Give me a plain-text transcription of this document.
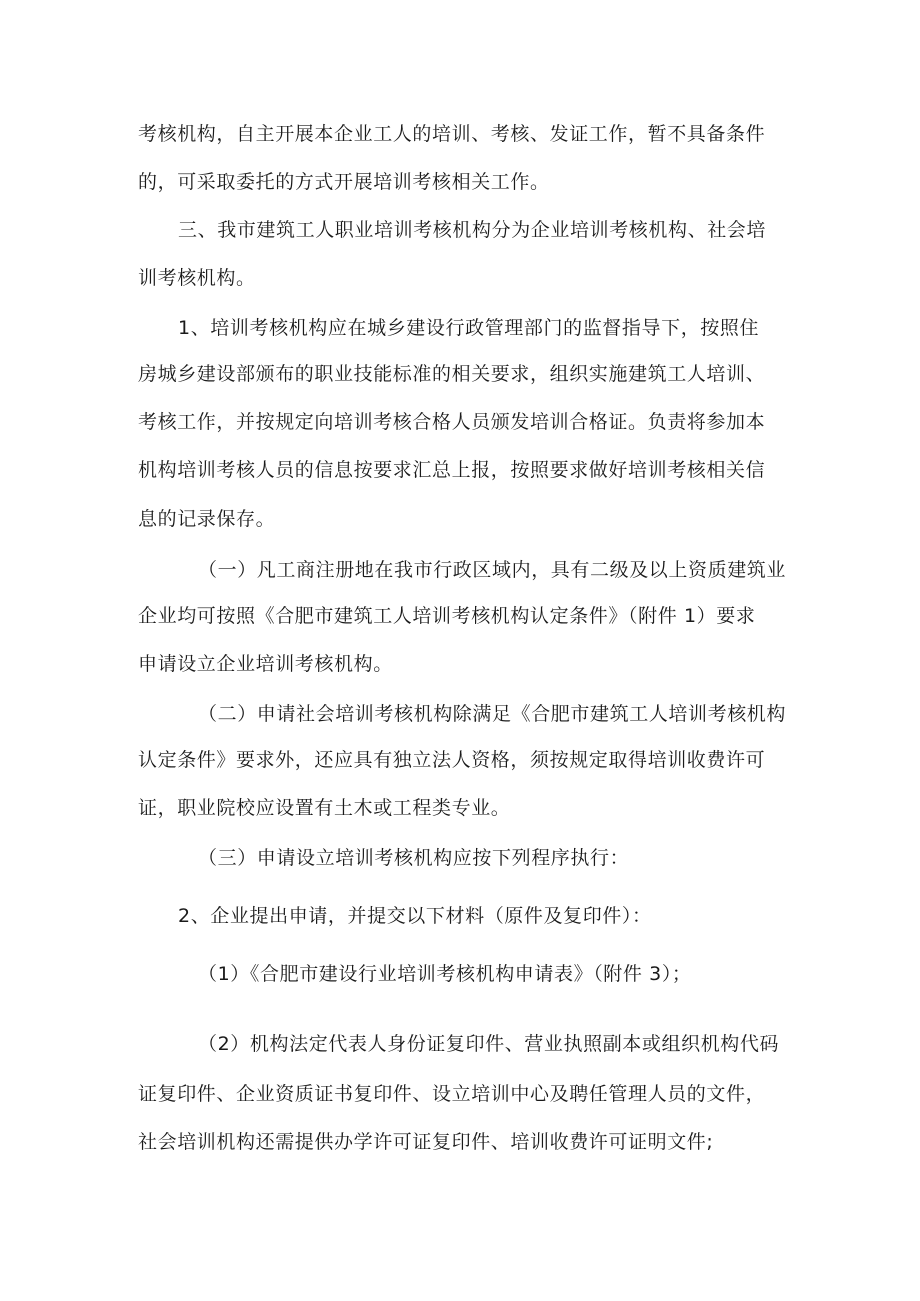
考核机构，自主开展本企业工人的培训、考核、发证工作，暂不具备条件
的，可采取委托的方式开展培训考核相关工作。
三、我市建筑工人职业培训考核机构分为企业培训考核机构、社会培
训考核机构。
1、培训考核机构应在城乡建设行政管理部门的监督指导下，按照住
房城乡建设部颁布的职业技能标准的相关要求，组织实施建筑工人培训、
考核工作，并按规定向培训考核合格人员颁发培训合格证。负责将参加本
机构培训考核人员的信息按要求汇总上报，按照要求做好培训考核相关信
息的记录保存。
（一）凡工商注册地在我市行政区域内，具有二级及以上资质建筑业
企业均可按照《合肥市建筑工人培训考核机构认定条件》（附件 1）要求
申请设立企业培训考核机构。
（二）申请社会培训考核机构除满足《合肥市建筑工人培训考核机构
认定条件》要求外，还应具有独立法人资格，须按规定取得培训收费许可
证，职业院校应设置有土木或工程类专业。
（三）申请设立培训考核机构应按下列程序执行：
2、企业提出申请，并提交以下材料（原件及复印件）：
（1）《合肥市建设行业培训考核机构申请表》（附件 3）；
（2）机构法定代表人身份证复印件、营业执照副本或组织机构代码
证复印件、企业资质证书复印件、设立培训中心及聘任管理人员的文件，
社会培训机构还需提供办学许可证复印件、培训收费许可证明文件;
